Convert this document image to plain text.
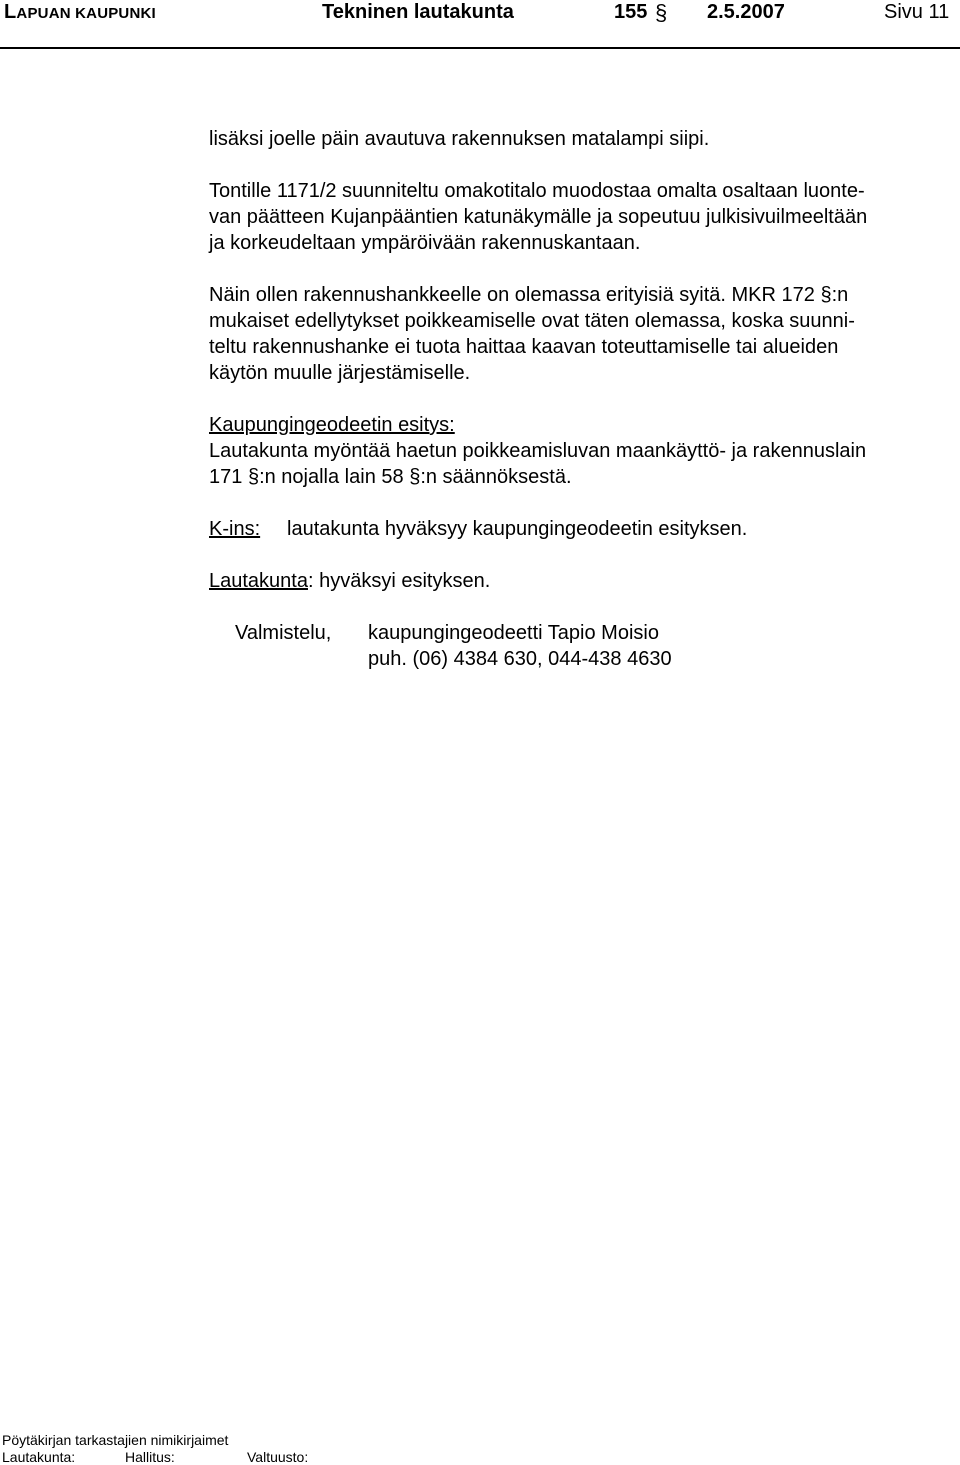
LAPUAN KAUPUNKI	Tekninen lautakunta	155 § 2.5.2007	Sivu 11
lisäksi joelle päin avautuva rakennuksen matalampi siipi.
Tontille 1171/2 suunniteltu omakotitalo muodostaa omalta osaltaan luonte-
van päätteen Kujanpääntien katunäkymälle ja sopeutuu julkisivuilmeeltään
ja korkeudeltaan ympäröivään rakennuskantaan.
Näin ollen rakennushankkeelle on olemassa erityisiä syitä. MKR 172 §:n
mukaiset edellytykset poikkeamiselle ovat täten olemassa, koska suunni-
teltu rakennushanke ei tuota haittaa kaavan toteuttamiselle tai alueiden
käytön muulle järjestämiselle.
Kaupungingeodeetin esitys:
Lautakunta myöntää haetun poikkeamisluvan maankäyttö- ja rakennuslain
171 §:n nojalla lain 58 §:n säännöksestä.
K-ins: lautakunta hyväksyy kaupungingeodeetin esityksen.
Lautakunta: hyväksyi esityksen.
Valmistelu, kaupungingeodeetti Tapio Moisio
puh. (06) 4384 630, 044-438 4630
Pöytäkirjan tarkastajien nimikirjaimet
Lautakunta:	Hallitus:	Valtuusto:
